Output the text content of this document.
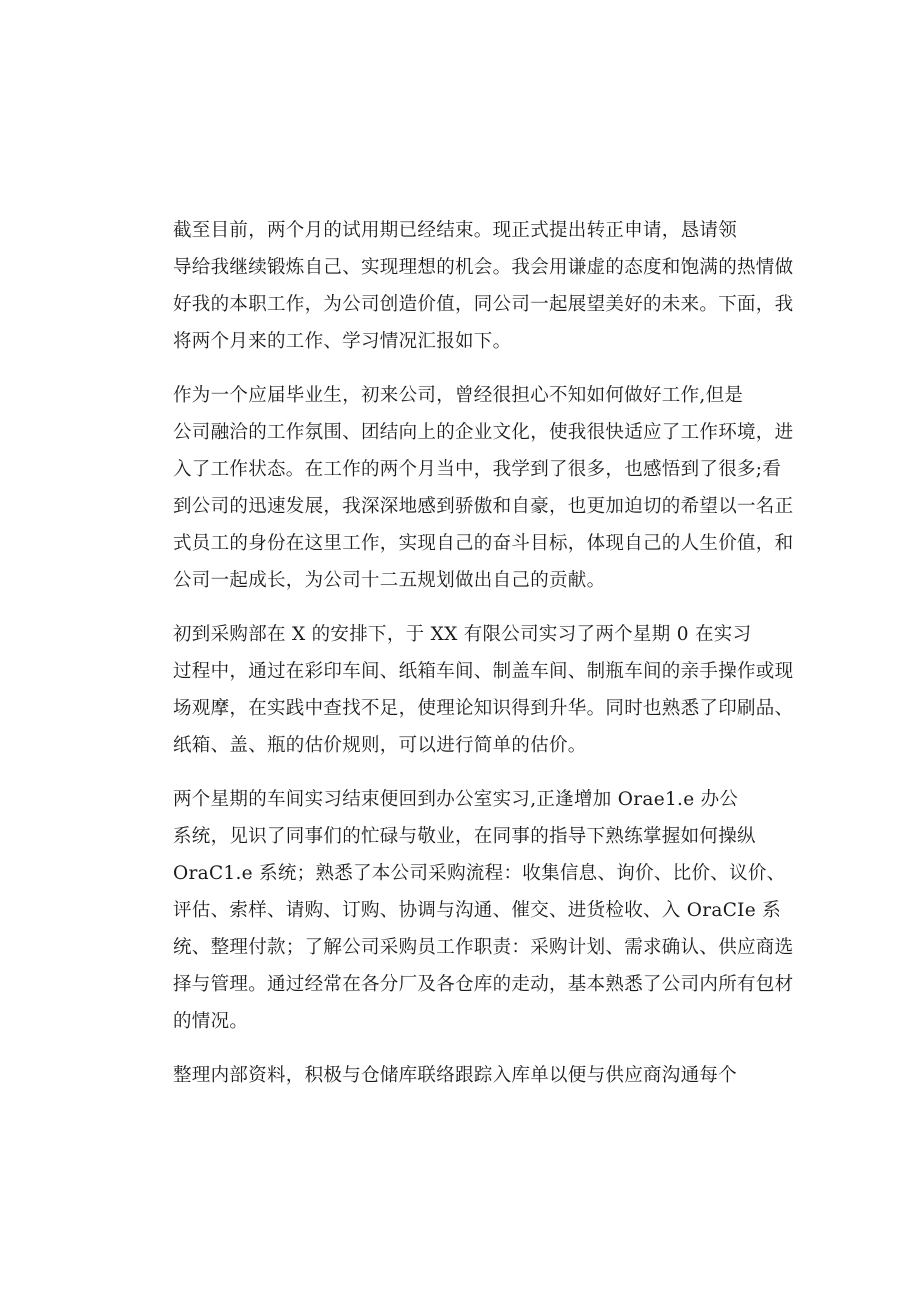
截至目前，两个月的试用期已经结束。现正式提出转正申请，恳请领
导给我继续锻炼自己、实现理想的机会。我会用谦虚的态度和饱满的热情做
好我的本职工作，为公司创造价值，同公司一起展望美好的未来。下面，我
将两个月来的工作、学习情况汇报如下。

作为一个应届毕业生，初来公司，曾经很担心不知如何做好工作,但是
公司融洽的工作氛围、团结向上的企业文化，使我很快适应了工作环境，进
入了工作状态。在工作的两个月当中，我学到了很多，也感悟到了很多;看
到公司的迅速发展，我深深地感到骄傲和自豪，也更加迫切的希望以一名正
式员工的身份在这里工作，实现自己的奋斗目标，体现自己的人生价值，和
公司一起成长，为公司十二五规划做出自己的贡献。

初到采购部在 X 的安排下，于 XX 有限公司实习了两个星期 0 在实习
过程中，通过在彩印车间、纸箱车间、制盖车间、制瓶车间的亲手操作或现
场观摩，在实践中查找不足，使理论知识得到升华。同时也熟悉了印刷品、
纸箱、盖、瓶的估价规则，可以进行简单的估价。

两个星期的车间实习结束便回到办公室实习,正逢增加 Orae1.e 办公
系统，见识了同事们的忙碌与敬业，在同事的指导下熟练掌握如何操纵
OraC1.e 系统；熟悉了本公司采购流程：收集信息、询价、比价、议价、
评估、索样、请购、订购、协调与沟通、催交、进货检收、入 OraCIe 系
统、整理付款；了解公司采购员工作职责：采购计划、需求确认、供应商选
择与管理。通过经常在各分厂及各仓库的走动，基本熟悉了公司内所有包材
的情况。

整理内部资料，积极与仓储库联络跟踪入库单以便与供应商沟通每个
